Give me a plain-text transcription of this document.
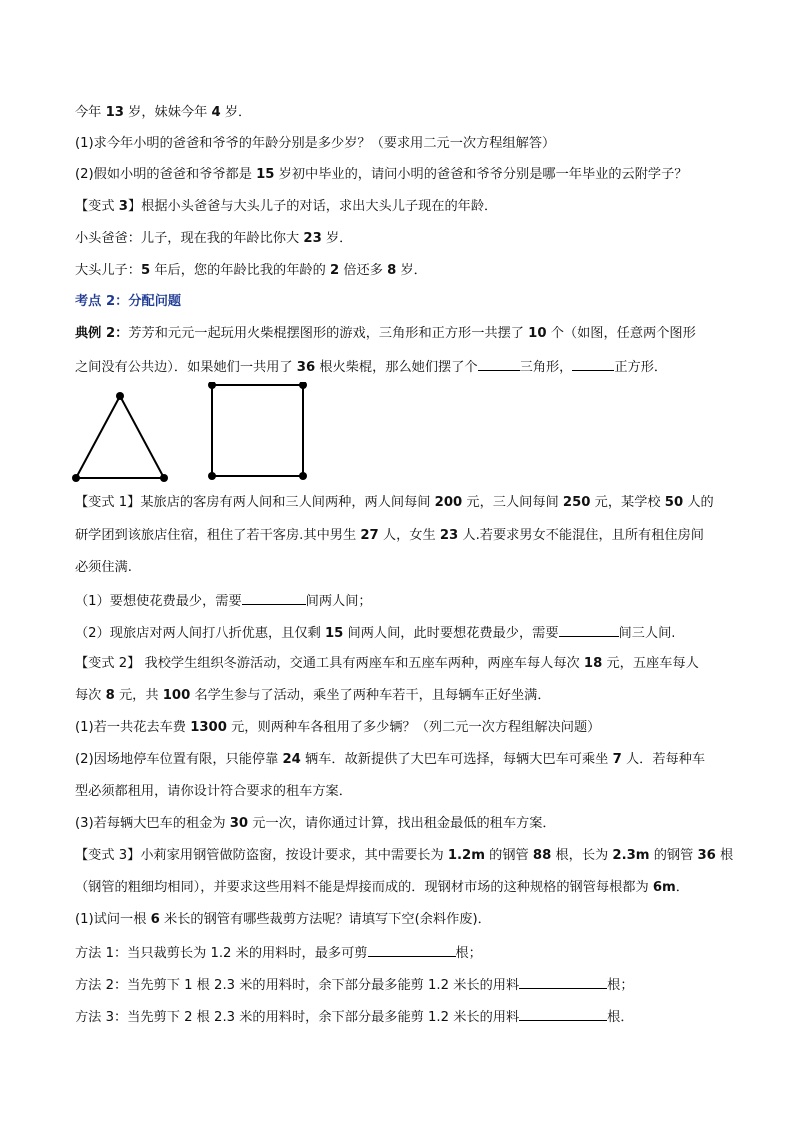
今年 13 岁，妹妹今年 4 岁．
(1)求今年小明的爸爸和爷爷的年龄分别是多少岁？（要求用二元一次方程组解答）
(2)假如小明的爸爸和爷爷都是 15 岁初中毕业的，请问小明的爸爸和爷爷分别是哪一年毕业的云附学子？
【变式 3】根据小头爸爸与大头儿子的对话，求出大头儿子现在的年龄．
小头爸爸：儿子，现在我的年龄比你大 23 岁．
大头儿子：5 年后，您的年龄比我的年龄的 2 倍还多 8 岁．
考点 2：分配问题
典例 2：芳芳和元元一起玩用火柴棍摆图形的游戏，三角形和正方形一共摆了 10 个（如图，任意两个图形
之间没有公共边）．如果她们一共用了 36 根火柴棍，那么她们摆了个	三角形，	正方形．
【变式 1】某旅店的客房有两人间和三人间两种，两人间每间 200 元，三人间每间 250 元，某学校 50 人的
研学团到该旅店住宿，租住了若干客房.其中男生 27 人，女生 23 人.若要求男女不能混住，且所有租住房间
必须住满.
（1）要想使花费最少，需要	间两人间；
（2）现旅店对两人间打八折优惠，且仅剩 15 间两人间，此时要想花费最少，需要	间三人间.
【变式 2】 我校学生组织冬游活动，交通工具有两座车和五座车两种，两座车每人每次 18 元，五座车每人
每次 8 元，共 100 名学生参与了活动，乘坐了两种车若干，且每辆车正好坐满．
(1)若一共花去车费 1300 元，则两种车各租用了多少辆？（列二元一次方程组解决问题）
(2)因场地停车位置有限，只能停靠 24 辆车．故新提供了大巴车可选择，每辆大巴车可乘坐 7 人．若每种车
型必须都租用，请你设计符合要求的租车方案．
(3)若每辆大巴车的租金为 30 元一次，请你通过计算，找出租金最低的租车方案．
【变式 3】小莉家用钢管做防盗窗，按设计要求，其中需要长为 1.2m 的钢管 88 根，长为 2.3m 的钢管 36 根
（钢管的粗细均相同），并要求这些用料不能是焊接而成的．现钢材市场的这种规格的钢管每根都为 6m．
(1)试问一根 6 米长的钢管有哪些裁剪方法呢？请填写下空(余料作废)．
方法 1：当只裁剪长为 1.2 米的用料时，最多可剪	根；
方法 2：当先剪下 1 根 2.3 米的用料时，余下部分最多能剪 1.2 米长的用料	根；
方法 3：当先剪下 2 根 2.3 米的用料时，余下部分最多能剪 1.2 米长的用料	根．
